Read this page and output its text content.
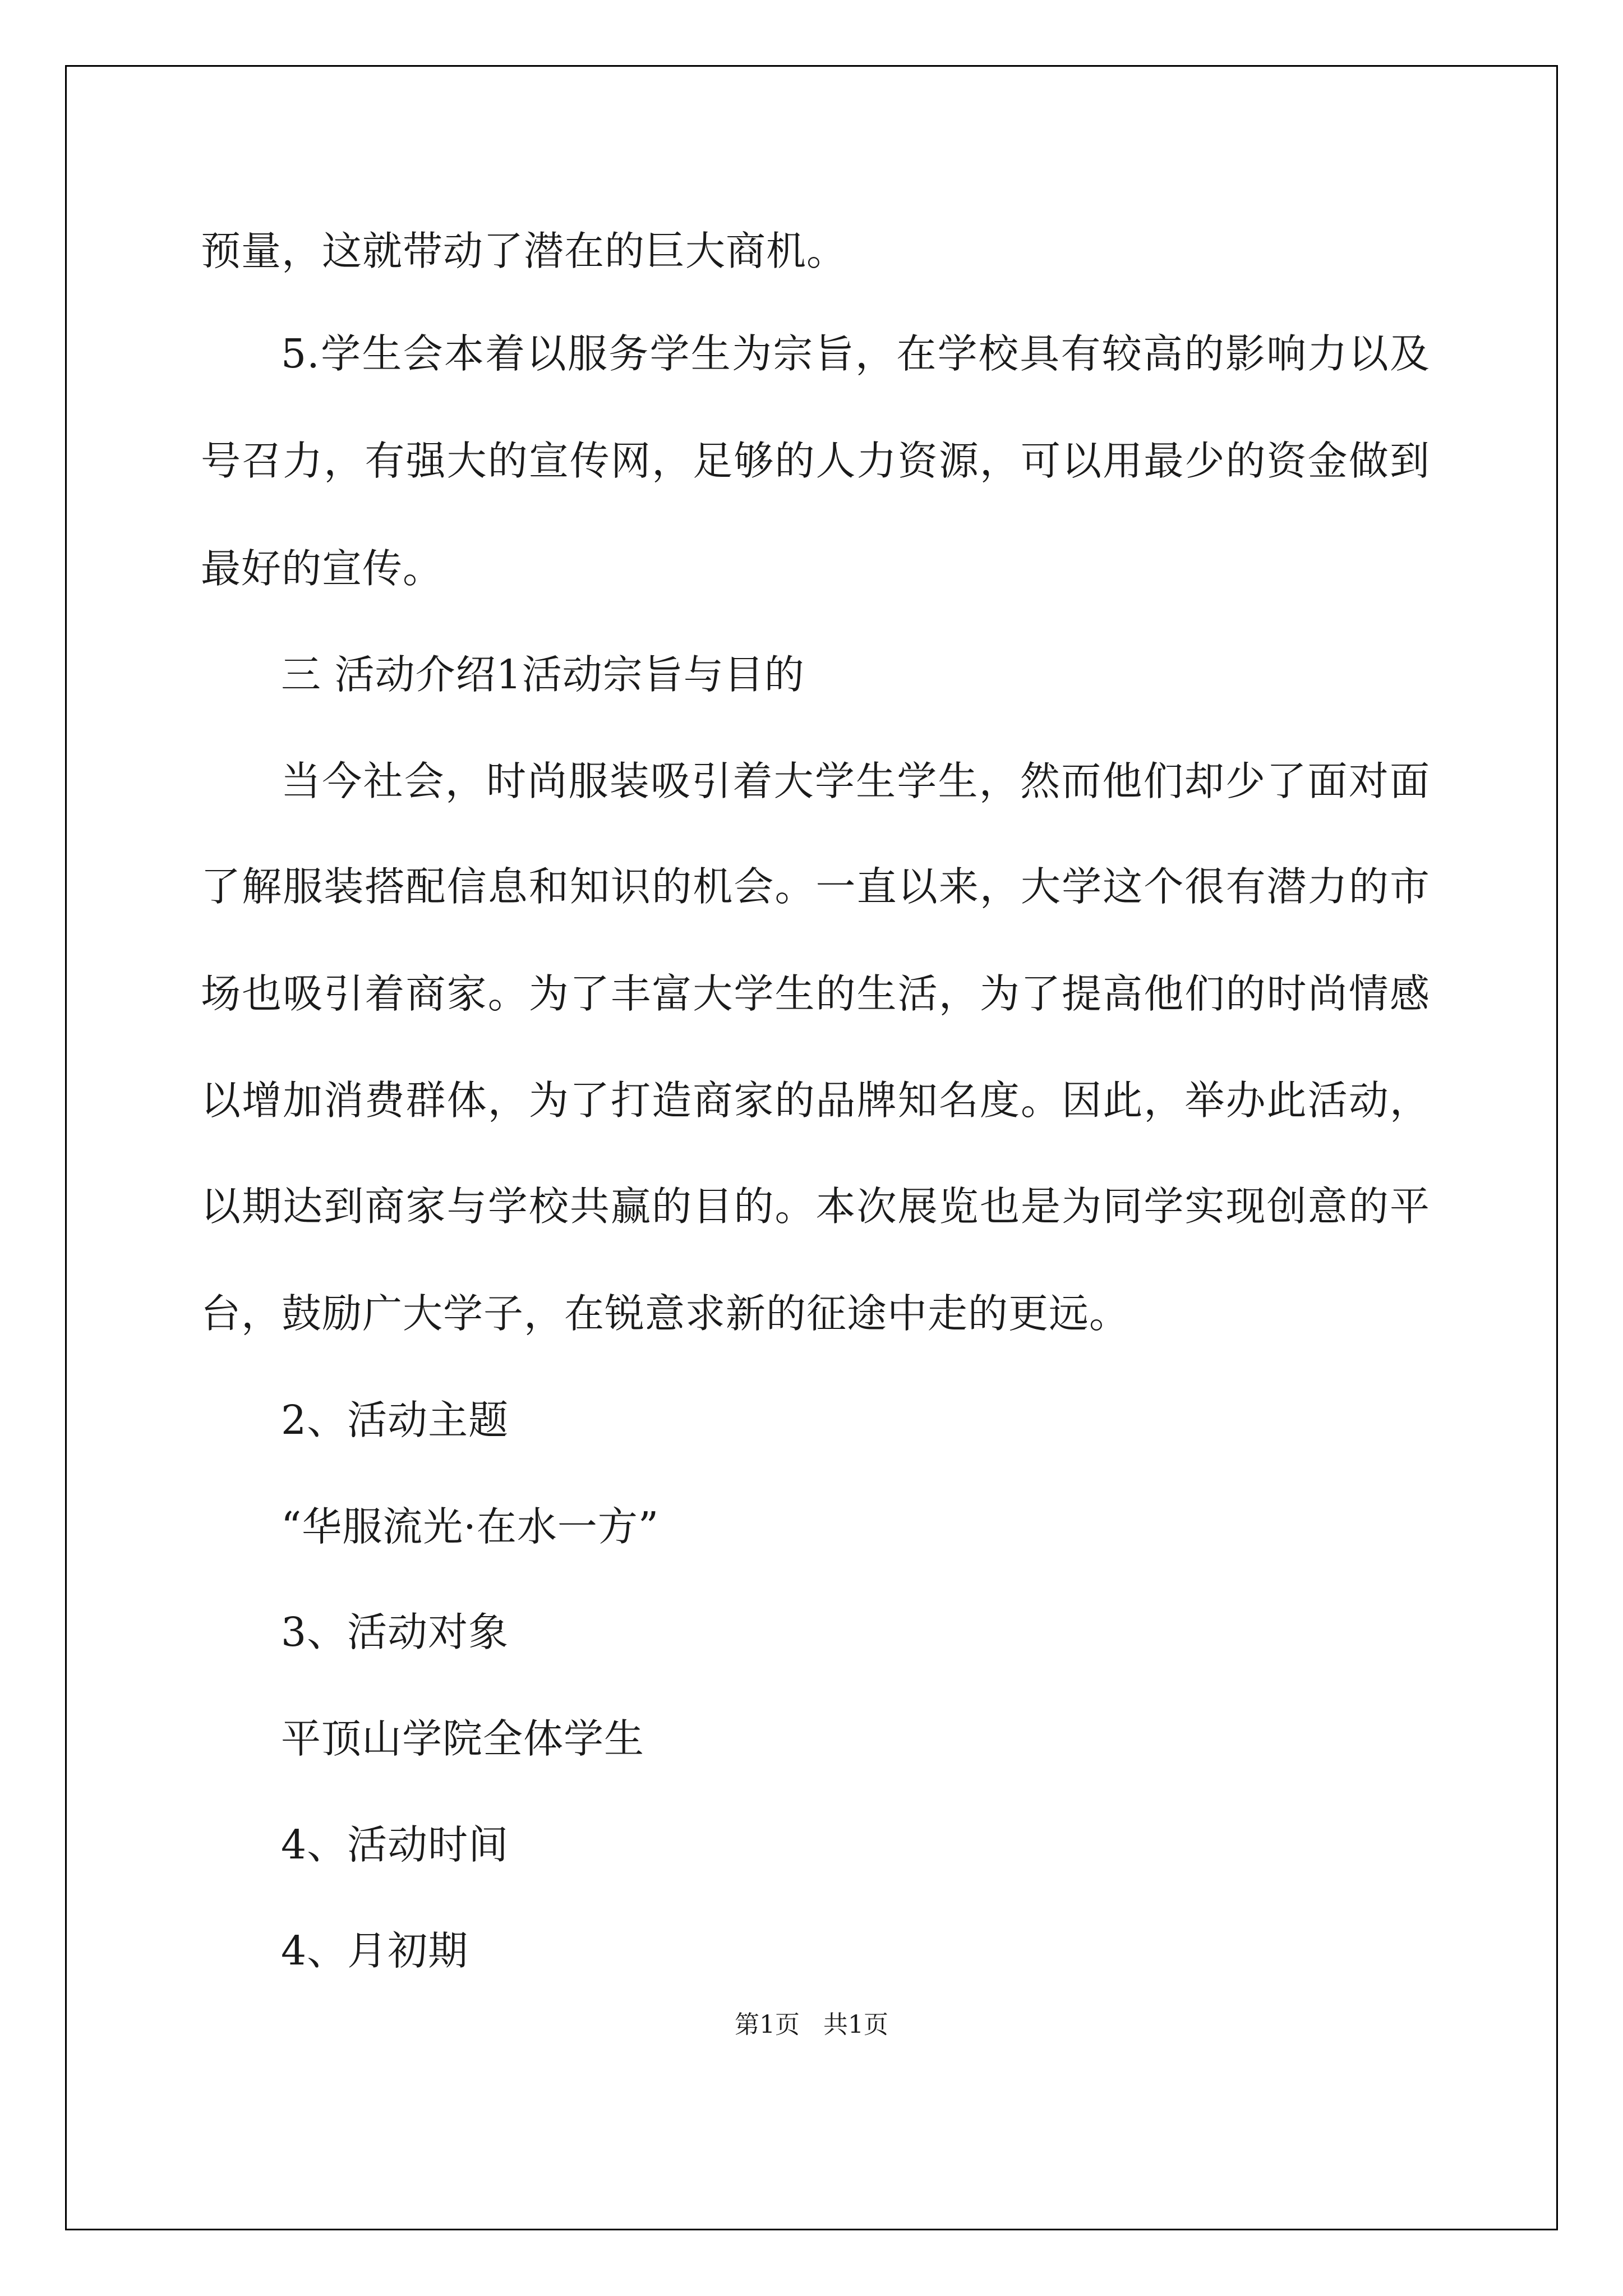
预量，这就带动了潜在的巨大商机。
5.学生会本着以服务学生为宗旨，在学校具有较高的影响力以及
号召力，有强大的宣传网，足够的人力资源，可以用最少的资金做到
最好的宣传。
三 活动介绍1活动宗旨与目的
当今社会，时尚服装吸引着大学生学生，然而他们却少了面对面
了解服装搭配信息和知识的机会。一直以来，大学这个很有潜力的市
场也吸引着商家。为了丰富大学生的生活，为了提高他们的时尚情感
以增加消费群体，为了打造商家的品牌知名度。因此，举办此活动，
以期达到商家与学校共赢的目的。本次展览也是为同学实现创意的平
台，鼓励广大学子，在锐意求新的征途中走的更远。
2、活动主题
“华服流光·在水一方”
3、活动对象
平顶山学院全体学生
4、活动时间
4、月初期
第1页   共1页
